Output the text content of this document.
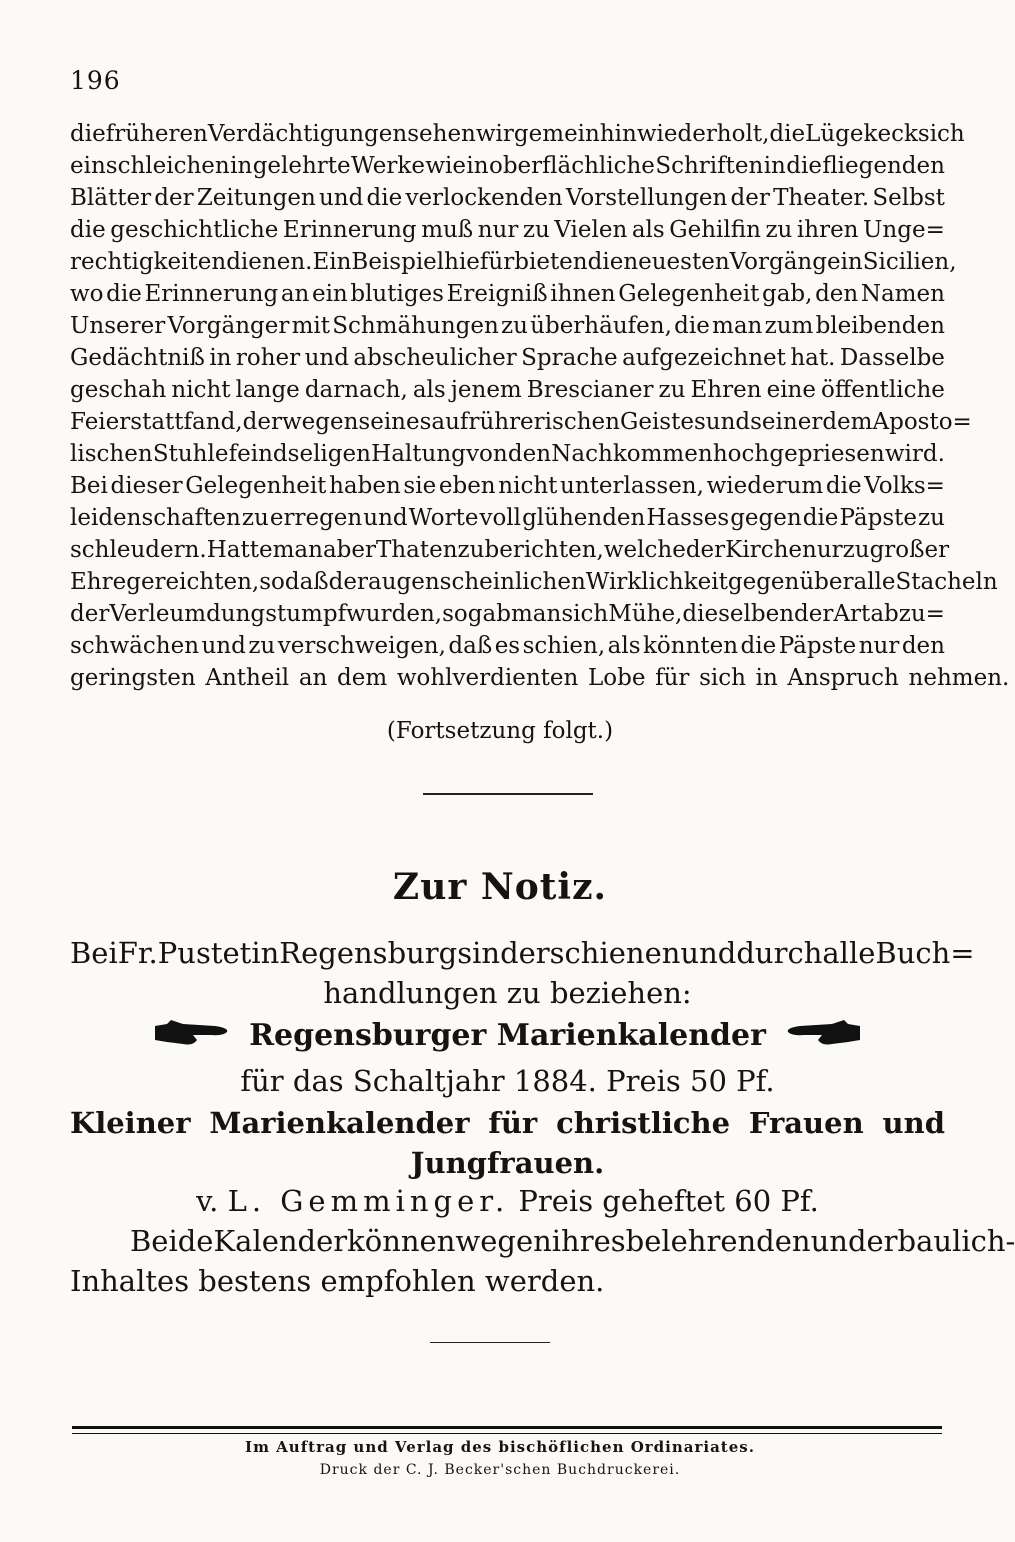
196
die früheren Verdächtigungen sehen wir gemeinhin wiederholt, die Lüge keck sich
einschleichen in gelehrte Werke wie in oberflächliche Schriften in die fliegenden
Blätter der Zeitungen und die verlockenden Vorstellungen der Theater. Selbst
die geschichtliche Erinnerung muß nur zu Vielen als Gehilfin zu ihren Unge=
rechtigkeiten dienen. Ein Beispiel hiefür bieten die neuesten Vorgänge in Sicilien,
wo die Erinnerung an ein blutiges Ereigniß ihnen Gelegenheit gab, den Namen
Unserer Vorgänger mit Schmähungen zu überhäufen, die man zum bleibenden
Gedächtniß in roher und abscheulicher Sprache aufgezeichnet hat. Dasselbe
geschah nicht lange darnach, als jenem Brescianer zu Ehren eine öffentliche
Feier stattfand, der wegen seines aufrührerischen Geistes und seiner dem Aposto=
lischen Stuhle feindseligen Haltung von den Nachkommen hoch gepriesen wird.
Bei dieser Gelegenheit haben sie eben nicht unterlassen, wiederum die Volks=
leidenschaften zu erregen und Worte voll glühenden Hasses gegen die Päpste zu
schleudern. Hatte man aber Thaten zu berichten, welche der Kirche nur zu großer
Ehre gereichten, so daß der augenscheinlichen Wirklichkeit gegenüber alle Stacheln
der Verleumdung stumpf wurden, so gab man sich Mühe, dieselben der Art abzu=
schwächen und zu verschweigen, daß es schien, als könnten die Päpste nur den
geringsten Antheil an dem wohlverdienten Lobe für sich in Anspruch nehmen.
(Fortsetzung folgt.)
Zur Notiz.
Bei Fr. Pustet in Regensburg sind erschienen und durch alle Buch=
handlungen zu beziehen:
Regensburger Marienkalender
für das Schaltjahr 1884. Preis 50 Pf.
Kleiner Marienkalender für christliche Frauen und
Jungfrauen.
v. L. Gemminger. Preis geheftet 60 Pf.
Beide Kalender können wegen ihres belehrenden und erbaulich-
Inhaltes bestens empfohlen werden.
Im Auftrag und Verlag des bischöflichen Ordinariates.
Druck der C. J. Becker'schen Buchdruckerei.
